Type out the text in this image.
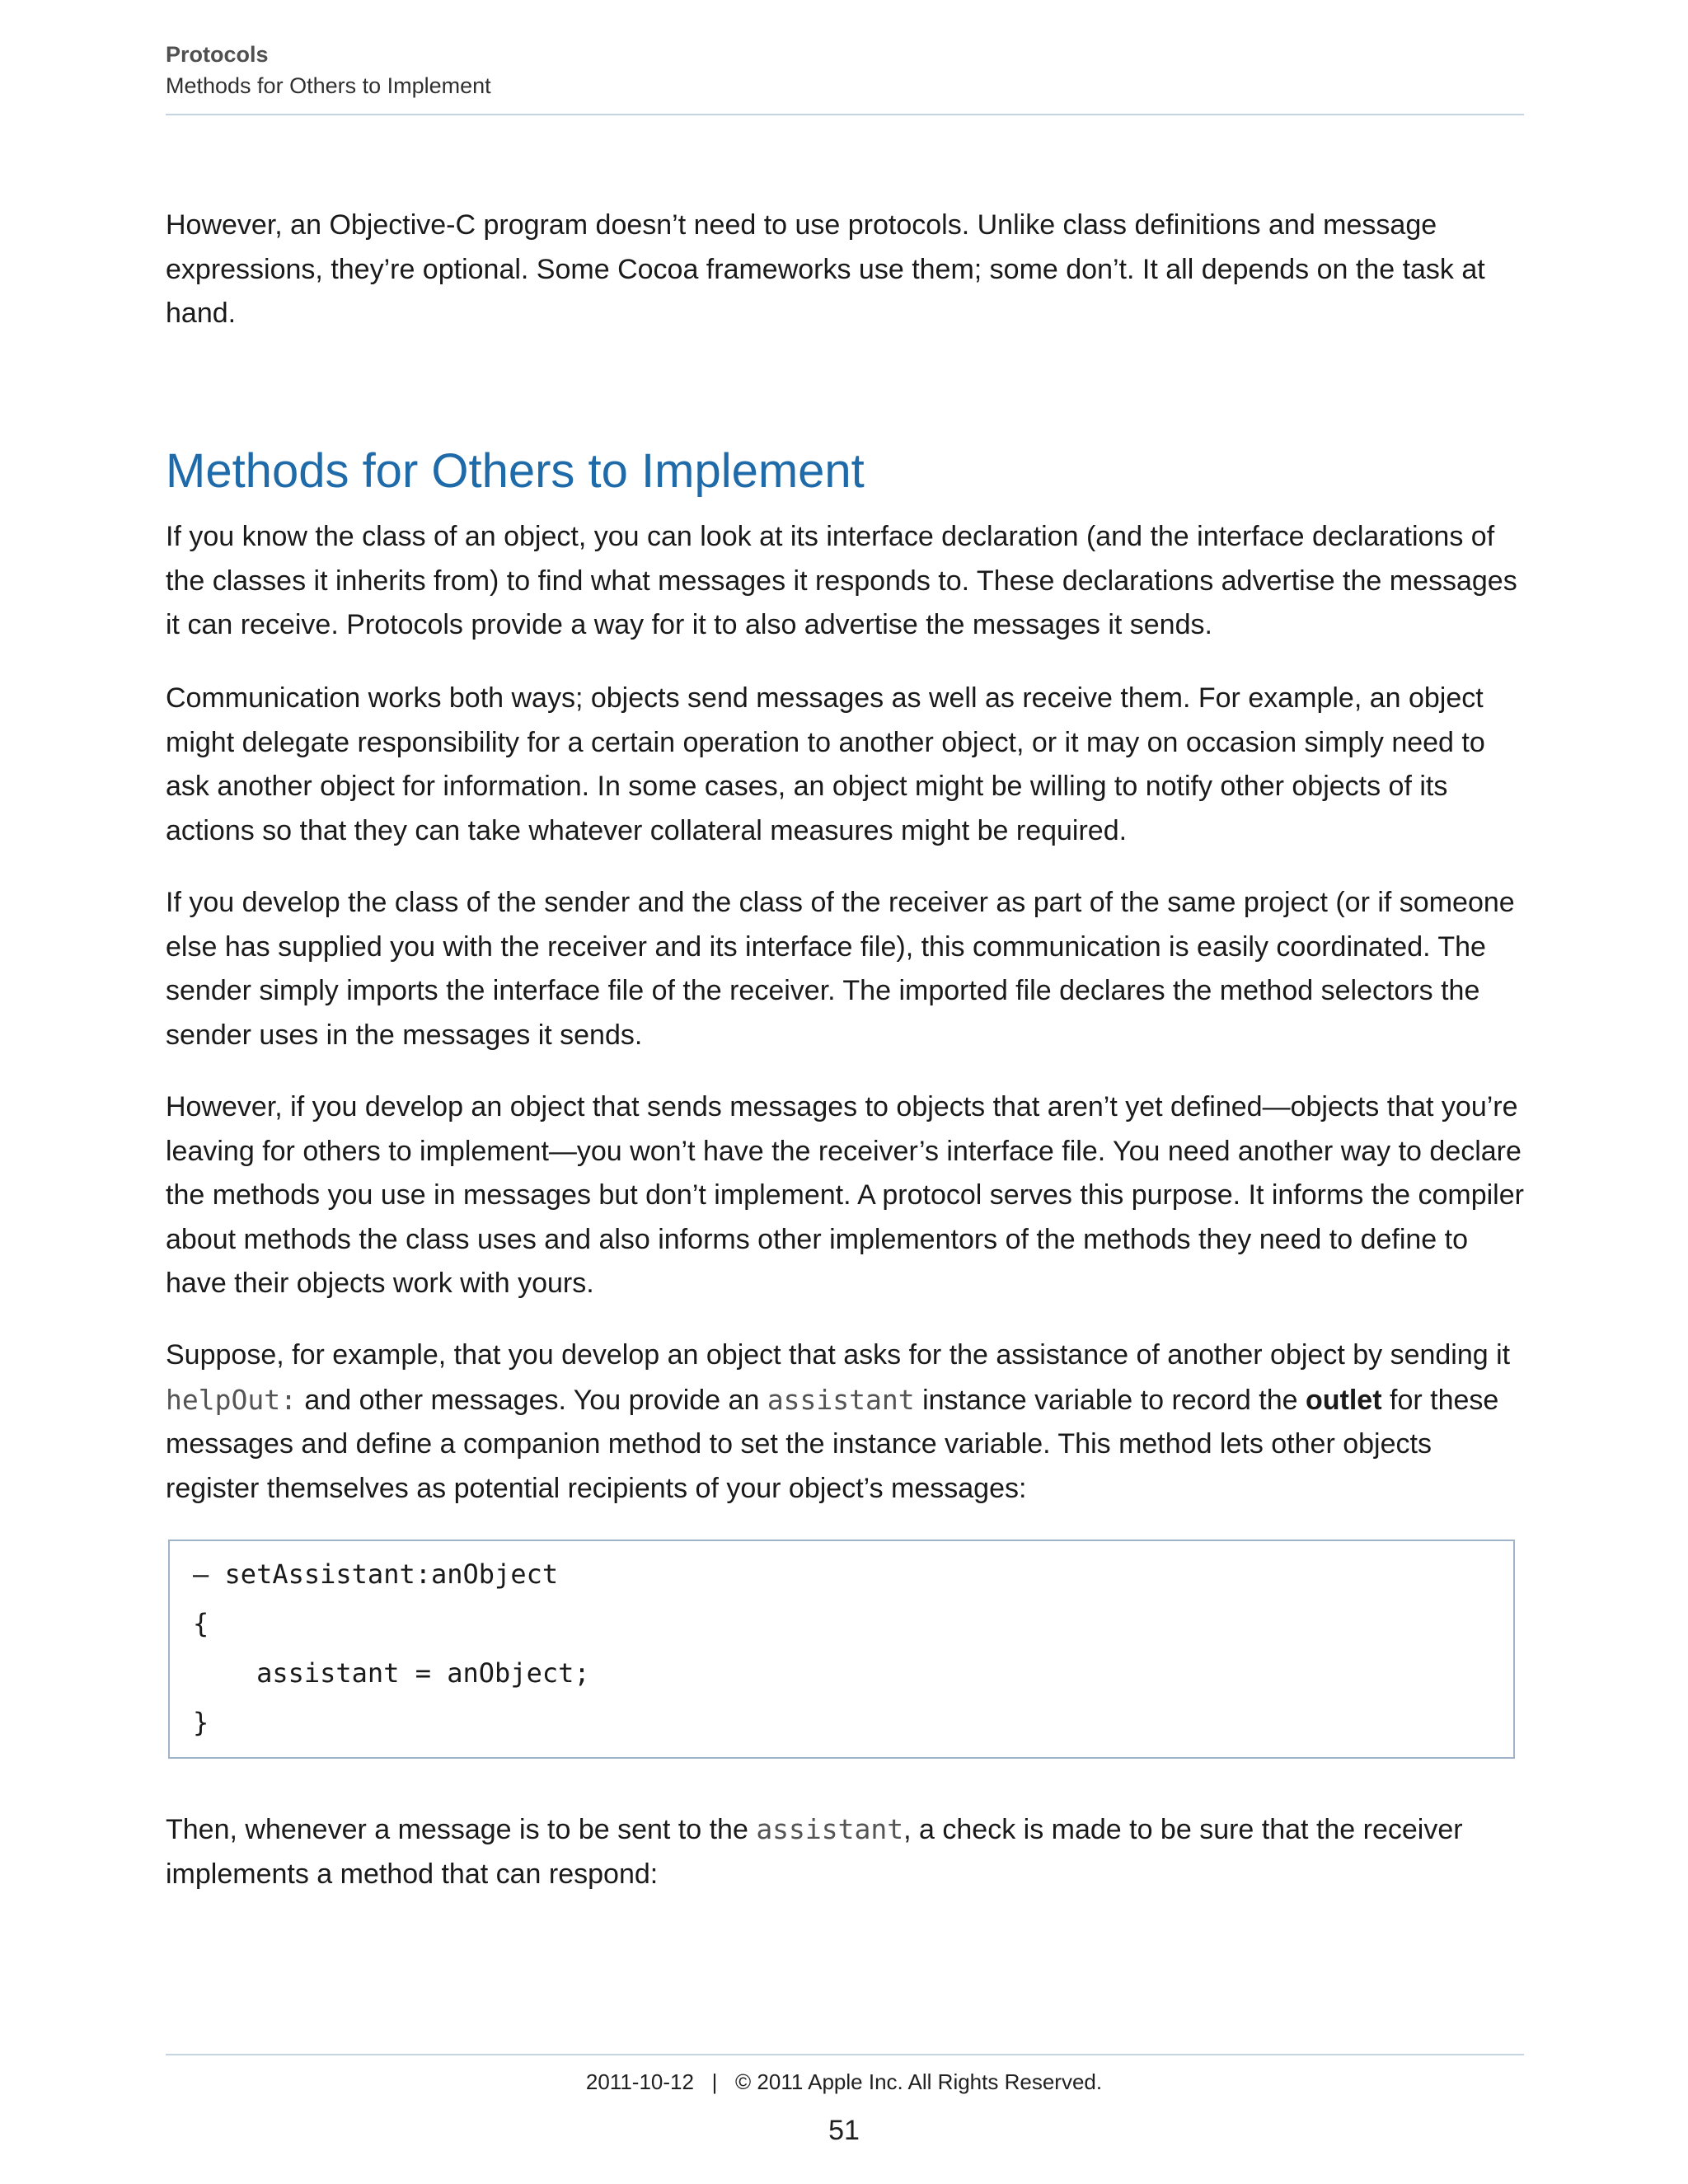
Protocols
Methods for Others to Implement

However, an Objective-C program doesn’t need to use protocols. Unlike class definitions and message expressions, they’re optional. Some Cocoa frameworks use them; some don’t. It all depends on the task at hand.

Methods for Others to Implement

If you know the class of an object, you can look at its interface declaration (and the interface declarations of the classes it inherits from) to find what messages it responds to. These declarations advertise the messages it can receive. Protocols provide a way for it to also advertise the messages it sends.

Communication works both ways; objects send messages as well as receive them. For example, an object might delegate responsibility for a certain operation to another object, or it may on occasion simply need to ask another object for information. In some cases, an object might be willing to notify other objects of its actions so that they can take whatever collateral measures might be required.

If you develop the class of the sender and the class of the receiver as part of the same project (or if someone else has supplied you with the receiver and its interface file), this communication is easily coordinated. The sender simply imports the interface file of the receiver. The imported file declares the method selectors the sender uses in the messages it sends.

However, if you develop an object that sends messages to objects that aren’t yet defined—objects that you’re leaving for others to implement—you won’t have the receiver’s interface file. You need another way to declare the methods you use in messages but don’t implement. A protocol serves this purpose. It informs the compiler about methods the class uses and also informs other implementors of the methods they need to define to have their objects work with yours.

Suppose, for example, that you develop an object that asks for the assistance of another object by sending it helpOut: and other messages. You provide an assistant instance variable to record the outlet for these messages and define a companion method to set the instance variable. This method lets other objects register themselves as potential recipients of your object’s messages:

– setAssistant:anObject
{
assistant = anObject;
}

Then, whenever a message is to be sent to the assistant, a check is made to be sure that the receiver implements a method that can respond:

2011-10-12   |   © 2011 Apple Inc. All Rights Reserved.
51
